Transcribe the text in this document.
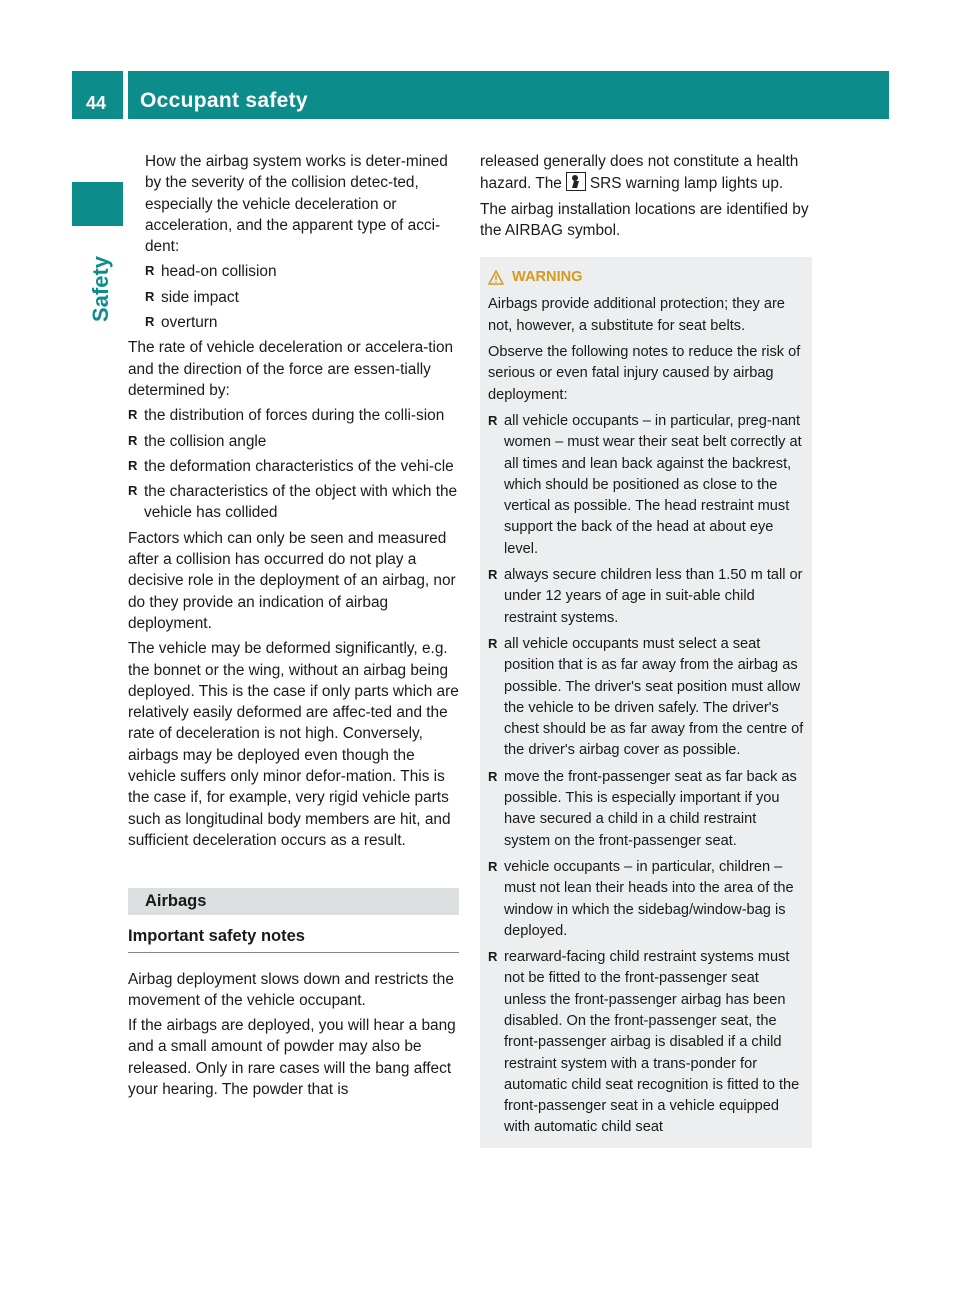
44	Occupant safety
Safety

How the airbag system works is deter-mined by the severity of the collision detec-ted, especially the vehicle deceleration or acceleration, and the apparent type of acci-dent:

R head-on collision
R side impact
R overturn

The rate of vehicle deceleration or accelera-tion and the direction of the force are essen-tially determined by:

R the distribution of forces during the colli-sion
R the collision angle
R the deformation characteristics of the vehi-cle
R the characteristics of the object with which the vehicle has collided

Factors which can only be seen and measured after a collision has occurred do not play a decisive role in the deployment of an airbag, nor do they provide an indication of airbag deployment.

The vehicle may be deformed significantly, e.g. the bonnet or the wing, without an airbag being deployed. This is the case if only parts which are relatively easily deformed are affec-ted and the rate of deceleration is not high. Conversely, airbags may be deployed even though the vehicle suffers only minor defor-mation. This is the case if, for example, very rigid vehicle parts such as longitudinal body members are hit, and sufficient deceleration occurs as a result.

Airbags
Important safety notes

Airbag deployment slows down and restricts the movement of the vehicle occupant.

If the airbags are deployed, you will hear a bang and a small amount of powder may also be released. Only in rare cases will the bang affect your hearing. The powder that is

released generally does not constitute a health hazard. The SRS warning lamp lights up.

The airbag installation locations are identified by the AIRBAG symbol.

WARNING

Airbags provide additional protection; they are not, however, a substitute for seat belts.

Observe the following notes to reduce the risk of serious or even fatal injury caused by airbag deployment:

R all vehicle occupants – in particular, preg-nant women – must wear their seat belt correctly at all times and lean back against the backrest, which should be positioned as close to the vertical as possible. The head restraint must support the back of the head at about eye level.
R always secure children less than 1.50 m tall or under 12 years of age in suit-able child restraint systems.
R all vehicle occupants must select a seat position that is as far away from the airbag as possible. The driver's seat position must allow the vehicle to be driven safely. The driver's chest should be as far away from the centre of the driver's airbag cover as possible.
R move the front-passenger seat as far back as possible. This is especially important if you have secured a child in a child restraint system on the front-passenger seat.
R vehicle occupants – in particular, children – must not lean their heads into the area of the window in which the sidebag/window-bag is deployed.
R rearward-facing child restraint systems must not be fitted to the front-passenger seat unless the front-passenger airbag has been disabled. On the front-passenger seat, the front-passenger airbag is disabled if a child restraint system with a trans-ponder for automatic child seat recognition is fitted to the front-passenger seat in a vehicle equipped with automatic child seat
